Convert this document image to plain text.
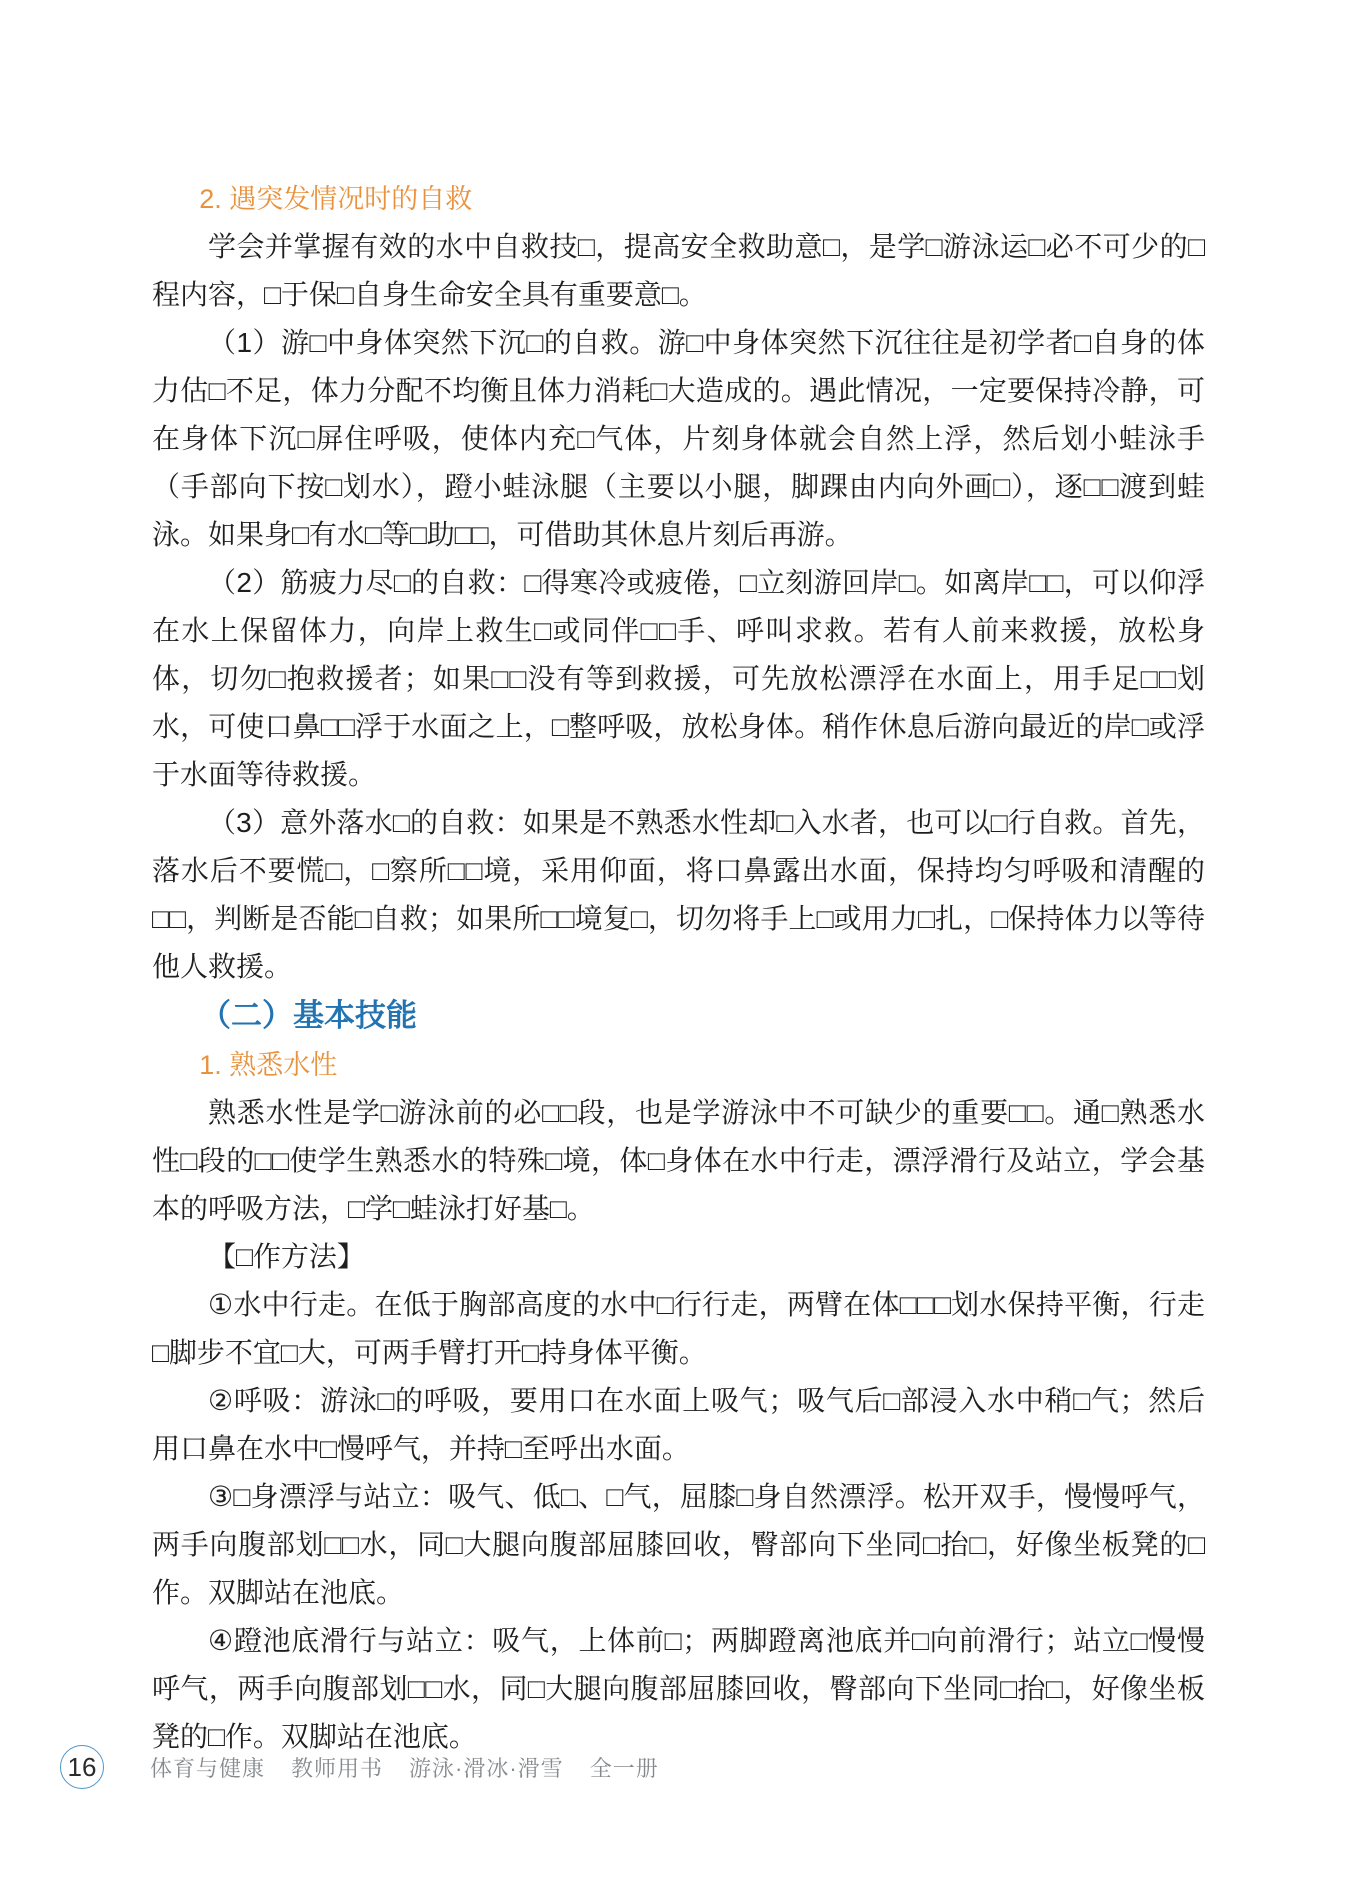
2. 遇突发情况时的自救

学会并掌握有效的水中自救技□，提高安全救助意□，是学□游泳运□必不可少的□程内容，□于保□自身生命安全具有重要意□。

（1）游□中身体突然下沉□的自救。游□中身体突然下沉往往是初学者□自身的体力估□不足，体力分配不均衡且体力消耗□大造成的。遇此情况，一定要保持冷静，可在身体下沉□屏住呼吸，使体内充□气体，片刻身体就会自然上浮，然后划小蛙泳手（手部向下按□划水），蹬小蛙泳腿（主要以小腿，脚踝由内向外画□），逐□□渡到蛙泳。如果身□有水□等□助□□，可借助其休息片刻后再游。

（2）筋疲力尽□的自救：□得寒冷或疲倦，□立刻游回岸□。如离岸□□，可以仰浮在水上保留体力，向岸上救生□或同伴□□手、呼叫求救。若有人前来救援，放松身体，切勿□抱救援者；如果□□没有等到救援，可先放松漂浮在水面上，用手足□□划水，可使口鼻□□浮于水面之上，□整呼吸，放松身体。稍作休息后游向最近的岸□或浮于水面等待救援。

（3）意外落水□的自救：如果是不熟悉水性却□入水者，也可以□行自救。首先，落水后不要慌□，□察所□□境，采用仰面，将口鼻露出水面，保持均匀呼吸和清醒的□□，判断是否能□自救；如果所□□境复□，切勿将手上□或用力□扎，□保持体力以等待他人救援。

（二）基本技能
1. 熟悉水性

熟悉水性是学□游泳前的必□□段，也是学游泳中不可缺少的重要□□。通□熟悉水性□段的□□使学生熟悉水的特殊□境，体□身体在水中行走，漂浮滑行及站立，学会基本的呼吸方法，□学□蛙泳打好基□。

【□作方法】

①水中行走。在低于胸部高度的水中□行行走，两臂在体□□□划水保持平衡，行走□脚步不宜□大，可两手臂打开□持身体平衡。

②呼吸：游泳□的呼吸，要用口在水面上吸气；吸气后□部浸入水中稍□气；然后用口鼻在水中□慢呼气，并持□至呼出水面。

③□身漂浮与站立：吸气、低□、□气，屈膝□身自然漂浮。松开双手，慢慢呼气，两手向腹部划□□水，同□大腿向腹部屈膝回收，臀部向下坐同□抬□，好像坐板凳的□作。双脚站在池底。

④蹬池底滑行与站立：吸气，上体前□；两脚蹬离池底并□向前滑行；站立□慢慢呼气，两手向腹部划□□水，同□大腿向腹部屈膝回收，臀部向下坐同□抬□，好像坐板凳的□作。双脚站在池底。

16 体育与健康 教师用书 游泳·滑冰·滑雪 全一册
